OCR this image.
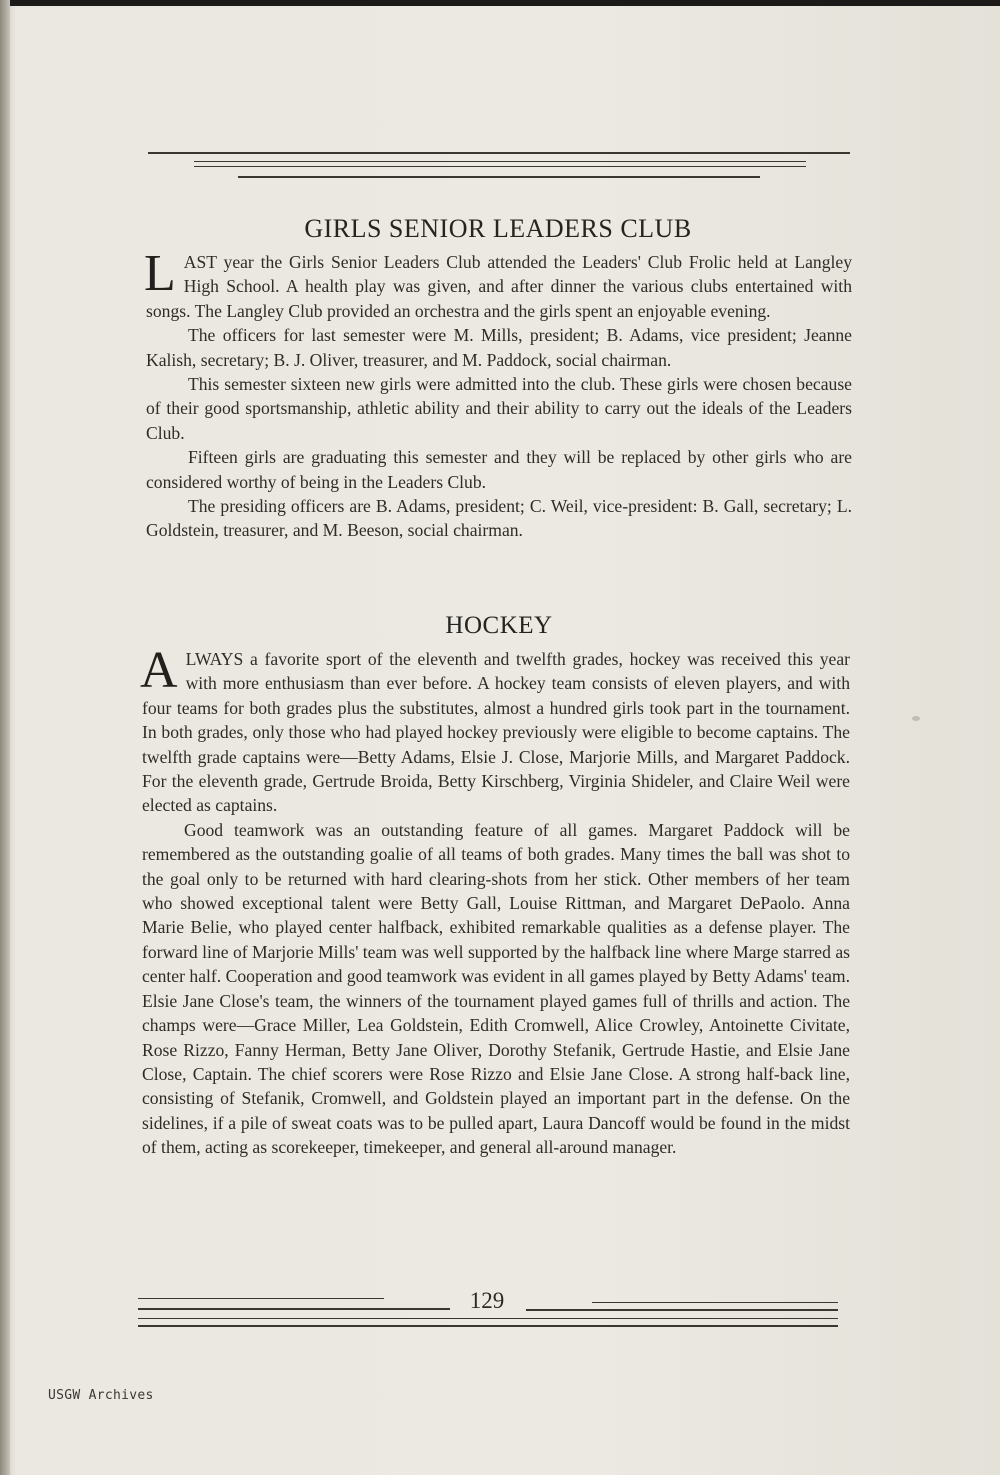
GIRLS SENIOR LEADERS CLUB

LAST year the Girls Senior Leaders Club attended the Leaders' Club Frolic held at Langley High School. A health play was given, and after dinner the various clubs entertained with songs. The Langley Club provided an orchestra and the girls spent an enjoyable evening.

The officers for last semester were M. Mills, president; B. Adams, vice president; Jeanne Kalish, secretary; B. J. Oliver, treasurer, and M. Paddock, social chairman.

This semester sixteen new girls were admitted into the club. These girls were chosen because of their good sportsmanship, athletic ability and their ability to carry out the ideals of the Leaders Club.

Fifteen girls are graduating this semester and they will be replaced by other girls who are considered worthy of being in the Leaders Club.

The presiding officers are B. Adams, president; C. Weil, vice-president: B. Gall, secretary; L. Goldstein, treasurer, and M. Beeson, social chairman.

HOCKEY

ALWAYS a favorite sport of the eleventh and twelfth grades, hockey was received this year with more enthusiasm than ever before. A hockey team consists of eleven players, and with four teams for both grades plus the substitutes, almost a hundred girls took part in the tournament. In both grades, only those who had played hockey previously were eligible to become captains. The twelfth grade captains were—Betty Adams, Elsie J. Close, Marjorie Mills, and Margaret Paddock. For the eleventh grade, Gertrude Broida, Betty Kirschberg, Virginia Shideler, and Claire Weil were elected as captains.

Good teamwork was an outstanding feature of all games. Margaret Paddock will be remembered as the outstanding goalie of all teams of both grades. Many times the ball was shot to the goal only to be returned with hard clearing-shots from her stick. Other members of her team who showed exceptional talent were Betty Gall, Louise Rittman, and Margaret DePaolo. Anna Marie Belie, who played center halfback, exhibited remarkable qualities as a defense player. The forward line of Marjorie Mills' team was well supported by the halfback line where Marge starred as center half. Cooperation and good teamwork was evident in all games played by Betty Adams' team. Elsie Jane Close's team, the winners of the tournament played games full of thrills and action. The champs were—Grace Miller, Lea Goldstein, Edith Cromwell, Alice Crowley, Antoinette Civitate, Rose Rizzo, Fanny Herman, Betty Jane Oliver, Dorothy Stefanik, Gertrude Hastie, and Elsie Jane Close, Captain. The chief scorers were Rose Rizzo and Elsie Jane Close. A strong half-back line, consisting of Stefanik, Cromwell, and Goldstein played an important part in the defense. On the sidelines, if a pile of sweat coats was to be pulled apart, Laura Dancoff would be found in the midst of them, acting as scorekeeper, timekeeper, and general all-around manager.

129
USGW Archives
